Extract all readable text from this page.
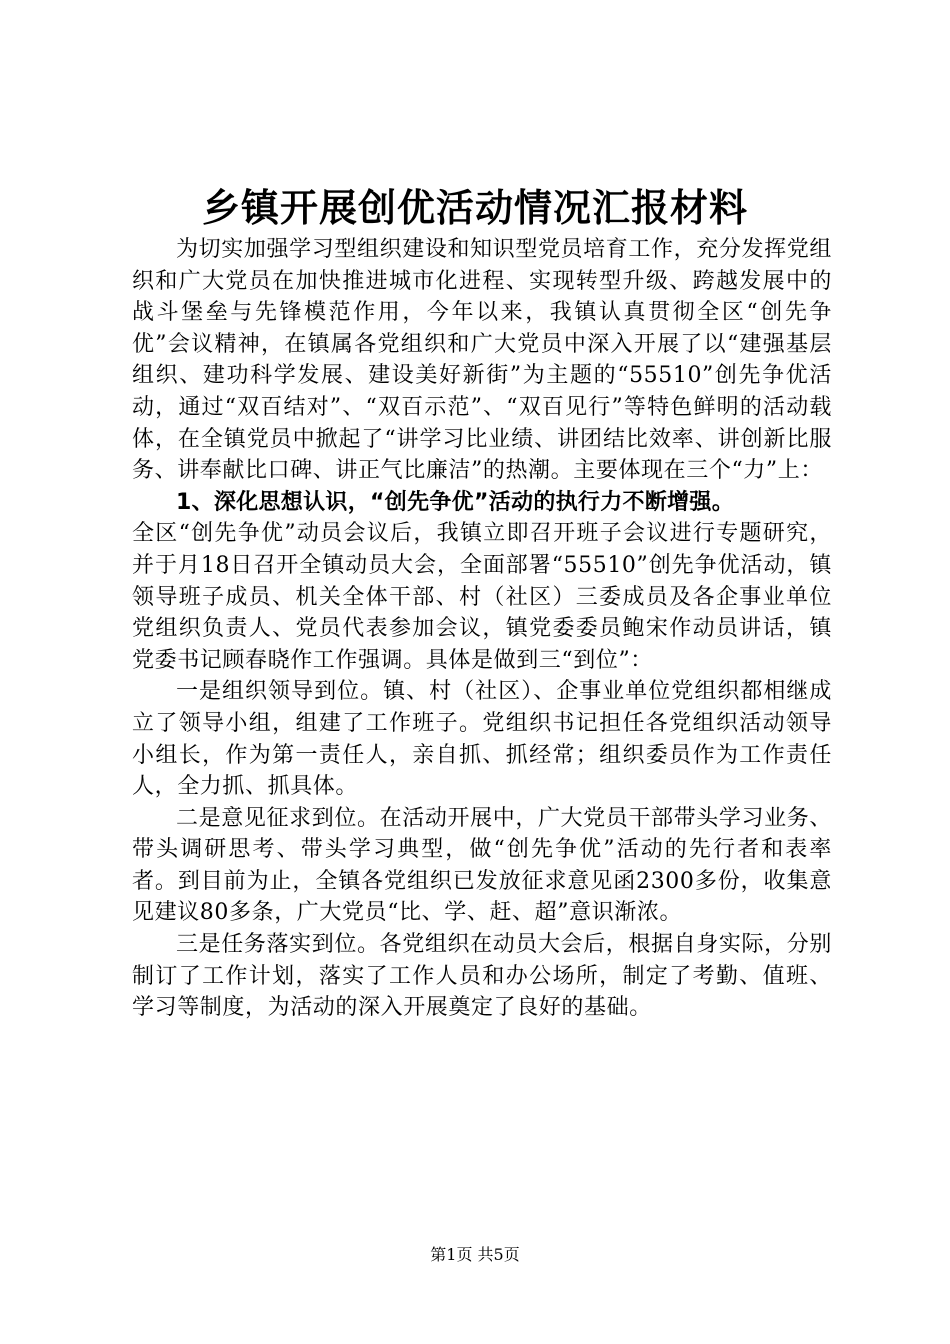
乡镇开展创优活动情况汇报材料

为切实加强学习型组织建设和知识型党员培育工作，充分发挥党组织和广大党员在加快推进城市化进程、实现转型升级、跨越发展中的战斗堡垒与先锋模范作用，今年以来，我镇认真贯彻全区“创先争优”会议精神，在镇属各党组织和广大党员中深入开展了以“建强基层组织、建功科学发展、建设美好新街”为主题的“55510”创先争优活动，通过“双百结对”、“双百示范”、“双百见行”等特色鲜明的活动载体，在全镇党员中掀起了“讲学习比业绩、讲团结比效率、讲创新比服务、讲奉献比口碑、讲正气比廉洁”的热潮。主要体现在三个“力”上：

1、深化思想认识，“创先争优”活动的执行力不断增强。

全区“创先争优”动员会议后，我镇立即召开班子会议进行专题研究，并于月18日召开全镇动员大会，全面部署“55510”创先争优活动，镇领导班子成员、机关全体干部、村（社区）三委成员及各企事业单位党组织负责人、党员代表参加会议，镇党委委员鲍宋作动员讲话，镇党委书记顾春晓作工作强调。具体是做到三“到位”：

一是组织领导到位。镇、村（社区）、企事业单位党组织都相继成立了领导小组，组建了工作班子。党组织书记担任各党组织活动领导小组长，作为第一责任人，亲自抓、抓经常；组织委员作为工作责任人，全力抓、抓具体。

二是意见征求到位。在活动开展中，广大党员干部带头学习业务、带头调研思考、带头学习典型，做“创先争优”活动的先行者和表率者。到目前为止，全镇各党组织已发放征求意见函2300多份，收集意见建议80多条，广大党员“比、学、赶、超”意识渐浓。

三是任务落实到位。各党组织在动员大会后，根据自身实际，分别制订了工作计划，落实了工作人员和办公场所，制定了考勤、值班、学习等制度，为活动的深入开展奠定了良好的基础。

第1页 共5页
